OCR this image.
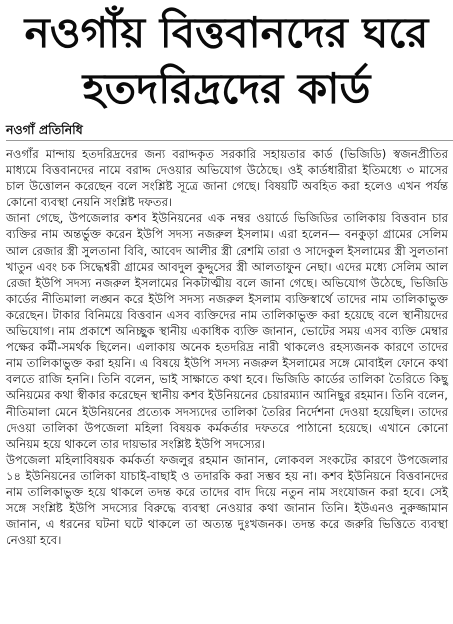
নওগাঁয় বিত্তবানদের ঘরে
হতদরিদ্রদের কার্ড
নওগাঁ প্রতিনিধি

নওগাঁর মান্দায় হতদরিদ্রদের জন্য বরাদ্দকৃত সরকারি সহায়তার কার্ড (ভিজিডি) স্বজনপ্রীতির মাধ্যমে বিত্তবানদের নামে বরাদ্দ দেওয়ার অভিযোগ উঠেছে। ওই কার্ডধারীরা ইতিমধ্যে ৩ মাসের চাল উত্তোলন করেছেন বলে সংশ্লিষ্ট সূত্রে জানা গেছে। বিষয়টি অবহিত করা হলেও এখন পর্যন্ত কোনো ব্যবস্থা নেয়নি সংশ্লিষ্ট দফতর।

জানা গেছে, উপজেলার কশব ইউনিয়নের এক নম্বর ওয়ার্ডে ভিজিডির তালিকায় বিত্তবান চার ব্যক্তির নাম অন্তর্ভুক্ত করেন ইউপি সদস্য নজরুল ইসলাম। এরা হলেন— বনকুড়া গ্রামের সেলিম আল রেজার স্ত্রী সুলতানা বিবি, আবেদ আলীর স্ত্রী রেশমি তারা ও সাদেকুল ইসলামের স্ত্রী সুলতানা খাতুন এবং চক সিদ্ধেশ্বরী গ্রামের আবদুল কুদ্দুসের স্ত্রী আলতাফুন নেছা। এদের মধ্যে সেলিম আল রেজা ইউপি সদস্য নজরুল ইসলামের নিকটাত্মীয় বলে জানা গেছে। অভিযোগ উঠেছে, ভিজিডি কার্ডের নীতিমালা লঙ্ঘন করে ইউপি সদস্য নজরুল ইসলাম ব্যক্তিস্বার্থে তাদের নাম তালিকাভুক্ত করেছেন। টাকার বিনিময়ে বিত্তবান এসব ব্যক্তিদের নাম তালিকাভুক্ত করা হয়েছে বলে স্থানীয়দের অভিযোগ। নাম প্রকাশে অনিচ্ছুক স্থানীয় একাধিক ব্যক্তি জানান, ভোটের সময় এসব ব্যক্তি মেম্বার পক্ষের কর্মী-সমর্থক ছিলেন। এলাকায় অনেক হতদরিদ্র নারী থাকলেও রহস্যজনক কারণে তাদের নাম তালিকাভুক্ত করা হয়নি। এ বিষয়ে ইউপি সদস্য নজরুল ইসলামের সঙ্গে মোবাইল ফোনে কথা বলতে রাজি হননি। তিনি বলেন, ভাই সাক্ষাতে কথা হবে। ভিজিডি কার্ডের তালিকা তৈরিতে কিছু অনিয়মের কথা স্বীকার করেছেন স্থানীয় কশব ইউনিয়নের চেয়ারম্যান আনিছুর রহমান। তিনি বলেন, নীতিমালা মেনে ইউনিয়নের প্রত্যেক সদস্যদের তালিকা তৈরির নির্দেশনা দেওয়া হয়েছিল। তাদের দেওয়া তালিকা উপজেলা মহিলা বিষয়ক কর্মকর্তার দফতরে পাঠানো হয়েছে। এখানে কোনো অনিয়ম হয়ে থাকলে তার দায়ভার সংশ্লিষ্ট ইউপি সদস্যের।

উপজেলা মহিলাবিষয়ক কর্মকর্তা ফজলুর রহমান জানান, লোকবল সংকটের কারণে উপজেলার ১৪ ইউনিয়নের তালিকা যাচাই-বাছাই ও তদারকি করা সম্ভব হয় না। কশব ইউনিয়নে বিত্তবানদের নাম তালিকাভুক্ত হয়ে থাকলে তদন্ত করে তাদের বাদ দিয়ে নতুন নাম সংযোজন করা হবে। সেই সঙ্গে সংশ্লিষ্ট ইউপি সদস্যের বিরুদ্ধে ব্যবস্থা নেওয়ার কথা জানান তিনি। ইউএনও নুরুজ্জামান জানান, এ ধরনের ঘটনা ঘটে থাকলে তা অত্যন্ত দুঃখজনক। তদন্ত করে জরুরি ভিত্তিতে ব্যবস্থা নেওয়া হবে।
